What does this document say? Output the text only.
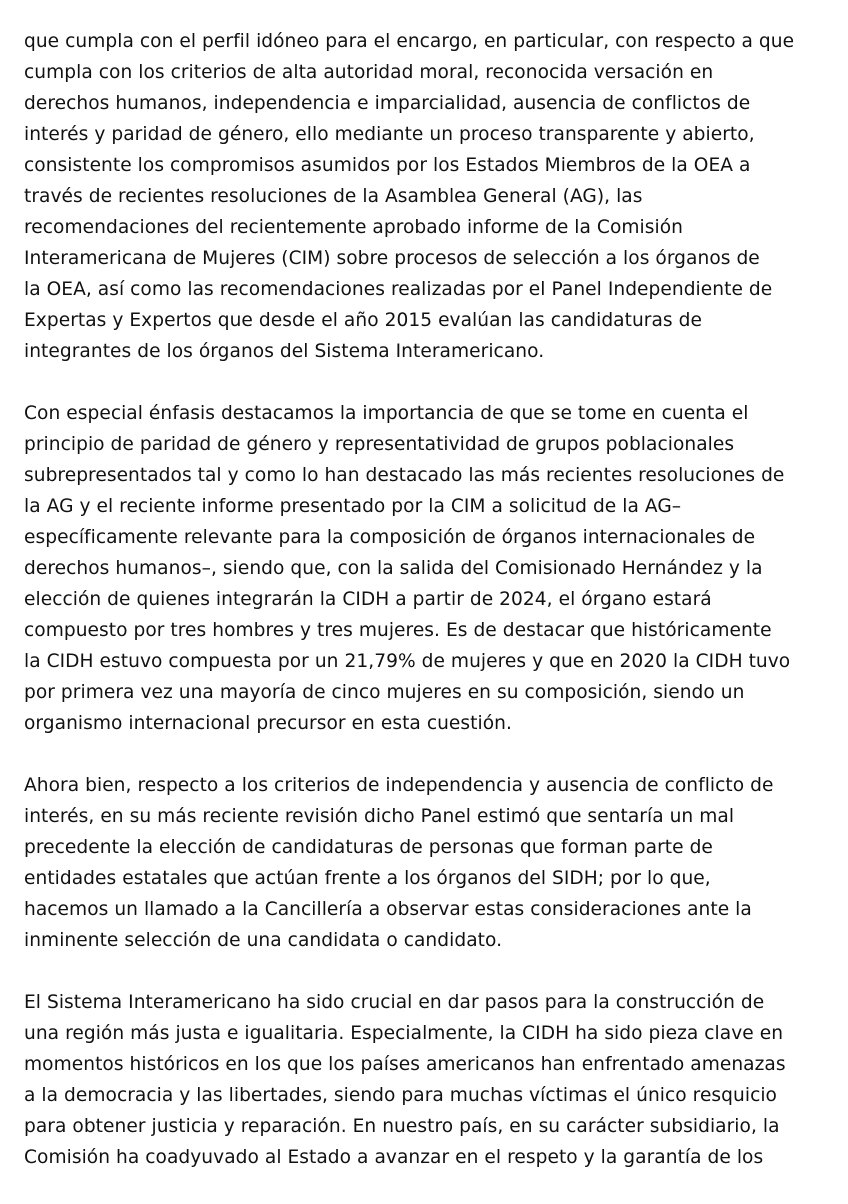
que cumpla con el perfil idóneo para el encargo, en particular, con respecto a que
cumpla con los criterios de alta autoridad moral, reconocida versación en
derechos humanos, independencia e imparcialidad, ausencia de conflictos de
interés y paridad de género, ello mediante un proceso transparente y abierto,
consistente los compromisos asumidos por los Estados Miembros de la OEA a
través de recientes resoluciones de la Asamblea General (AG), las
recomendaciones del recientemente aprobado informe de la Comisión
Interamericana de Mujeres (CIM) sobre procesos de selección a los órganos de
la OEA, así como las recomendaciones realizadas por el Panel Independiente de
Expertas y Expertos que desde el año 2015 evalúan las candidaturas de
integrantes de los órganos del Sistema Interamericano.

Con especial énfasis destacamos la importancia de que se tome en cuenta el
principio de paridad de género y representatividad de grupos poblacionales
subrepresentados tal y como lo han destacado las más recientes resoluciones de
la AG y el reciente informe presentado por la CIM a solicitud de la AG–
específicamente relevante para la composición de órganos internacionales de
derechos humanos–, siendo que, con la salida del Comisionado Hernández y la
elección de quienes integrarán la CIDH a partir de 2024, el órgano estará
compuesto por tres hombres y tres mujeres. Es de destacar que históricamente
la CIDH estuvo compuesta por un 21,79% de mujeres y que en 2020 la CIDH tuvo
por primera vez una mayoría de cinco mujeres en su composición, siendo un
organismo internacional precursor en esta cuestión.

Ahora bien, respecto a los criterios de independencia y ausencia de conflicto de
interés, en su más reciente revisión dicho Panel estimó que sentaría un mal
precedente la elección de candidaturas de personas que forman parte de
entidades estatales que actúan frente a los órganos del SIDH; por lo que,
hacemos un llamado a la Cancillería a observar estas consideraciones ante la
inminente selección de una candidata o candidato.

El Sistema Interamericano ha sido crucial en dar pasos para la construcción de
una región más justa e igualitaria. Especialmente, la CIDH ha sido pieza clave en
momentos históricos en los que los países americanos han enfrentado amenazas
a la democracia y las libertades, siendo para muchas víctimas el único resquicio
para obtener justicia y reparación. En nuestro país, en su carácter subsidiario, la
Comisión ha coadyuvado al Estado a avanzar en el respeto y la garantía de los
